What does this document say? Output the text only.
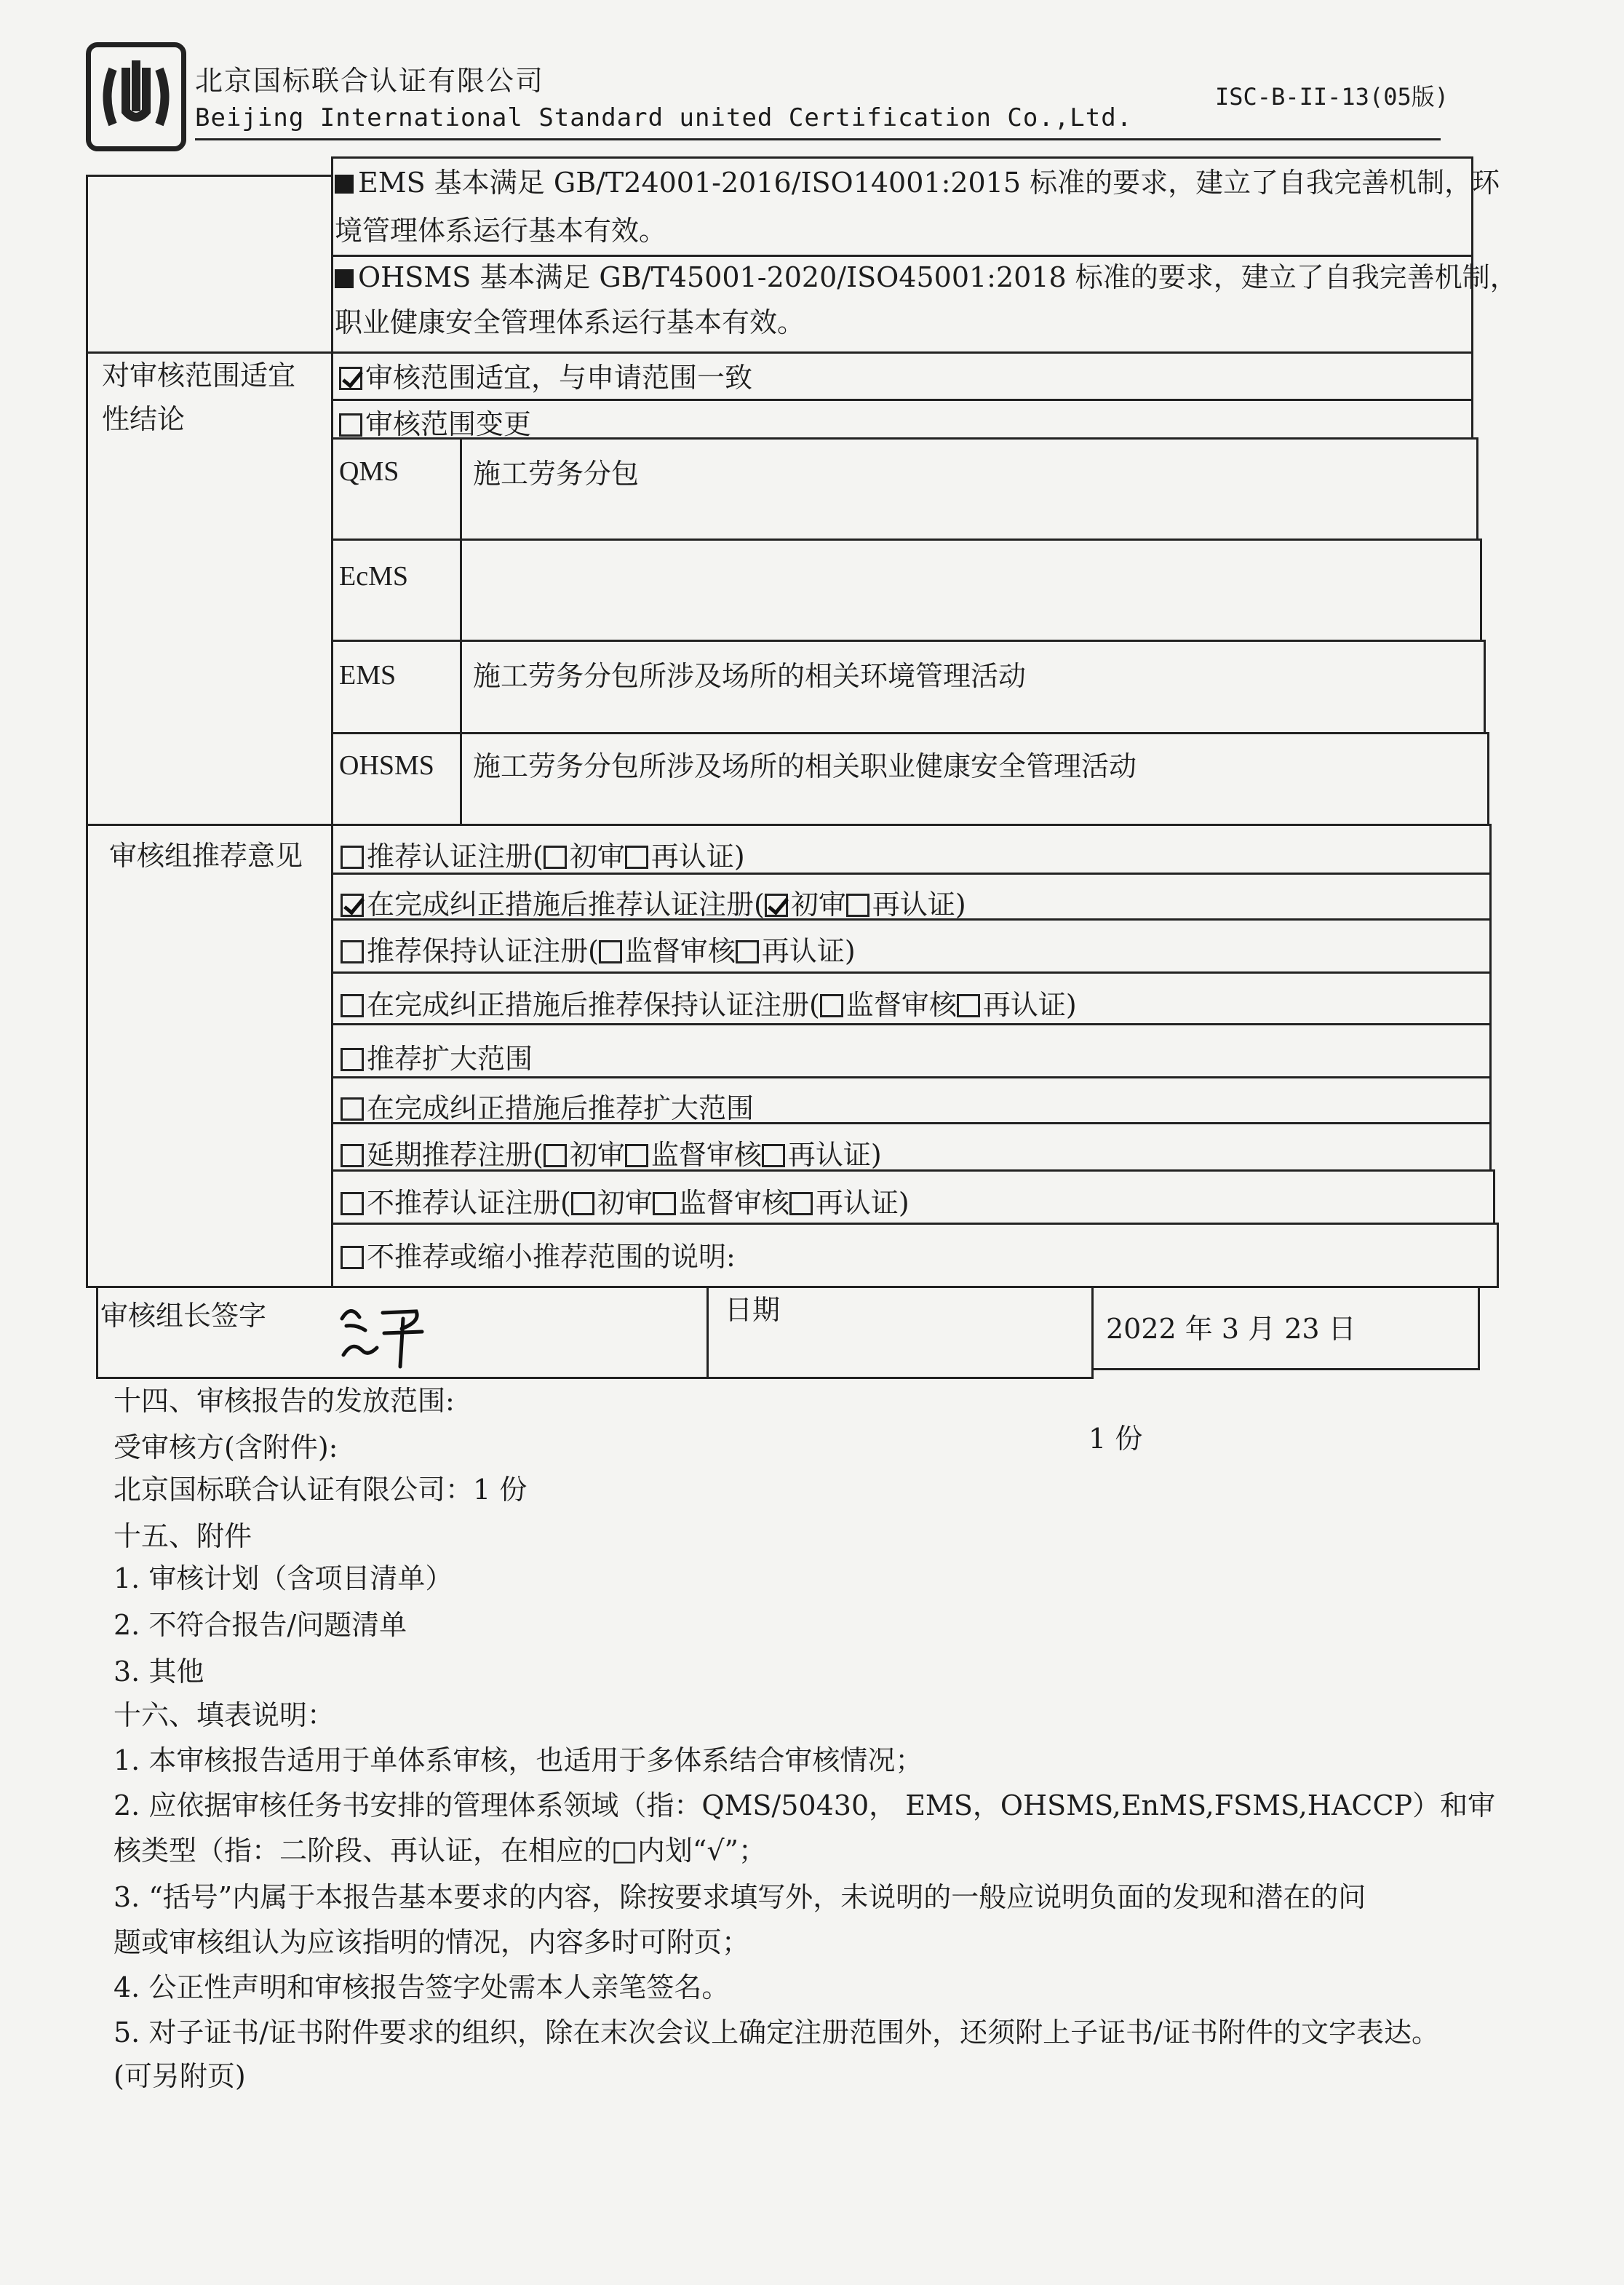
北京国标联合认证有限公司
Beijing International Standard united Certification Co.,Ltd.
ISC-B-II-13(05版)
EMS 基本满足 GB/T24001-2016/ISO14001:2015 标准的要求，建立了自我完善机制，环
境管理体系运行基本有效。
OHSMS 基本满足 GB/T45001-2020/ISO45001:2018 标准的要求，建立了自我完善机制，
职业健康安全管理体系运行基本有效。
对审核范围适宜
性结论
审核范围适宜，与申请范围一致
审核范围变更
QMS	施工劳务分包
EcMS
EMS	施工劳务分包所涉及场所的相关环境管理活动
OHSMS 施工劳务分包所涉及场所的相关职业健康安全管理活动
审核组推荐意见	推荐认证注册( 初审 再认证)
在完成纠正措施后推荐认证注册( 初审 再认证)
推荐保持认证注册( 监督审核 再认证)
在完成纠正措施后推荐保持认证注册( 监督审核 再认证)
推荐扩大范围
在完成纠正措施后推荐扩大范围
延期推荐注册( 初审 监督审核 再认证)
不推荐认证注册( 初审 监督审核 再认证)
不推荐或缩小推荐范围的说明:
审核组长签字	日期
2022 年 3 月 23 日
十四、审核报告的发放范围:
受审核方(含附件):	1 份
北京国标联合认证有限公司：1 份
十五、附件
1. 审核计划（含项目清单）
2. 不符合报告/问题清单
3. 其他
十六、填表说明：
1. 本审核报告适用于单体系审核，也适用于多体系结合审核情况；
2. 应依据审核任务书安排的管理体系领域（指：QMS/50430， EMS，OHSMS,EnMS,FSMS,HACCP）和审
核类型（指：二阶段、再认证，在相应的□内划“√”；
3. “括号”内属于本报告基本要求的内容，除按要求填写外，未说明的一般应说明负面的发现和潜在的问
题或审核组认为应该指明的情况，内容多时可附页；
4. 公正性声明和审核报告签字处需本人亲笔签名。
5. 对子证书/证书附件要求的组织，除在末次会议上确定注册范围外，还须附上子证书/证书附件的文字表达。
(可另附页)
